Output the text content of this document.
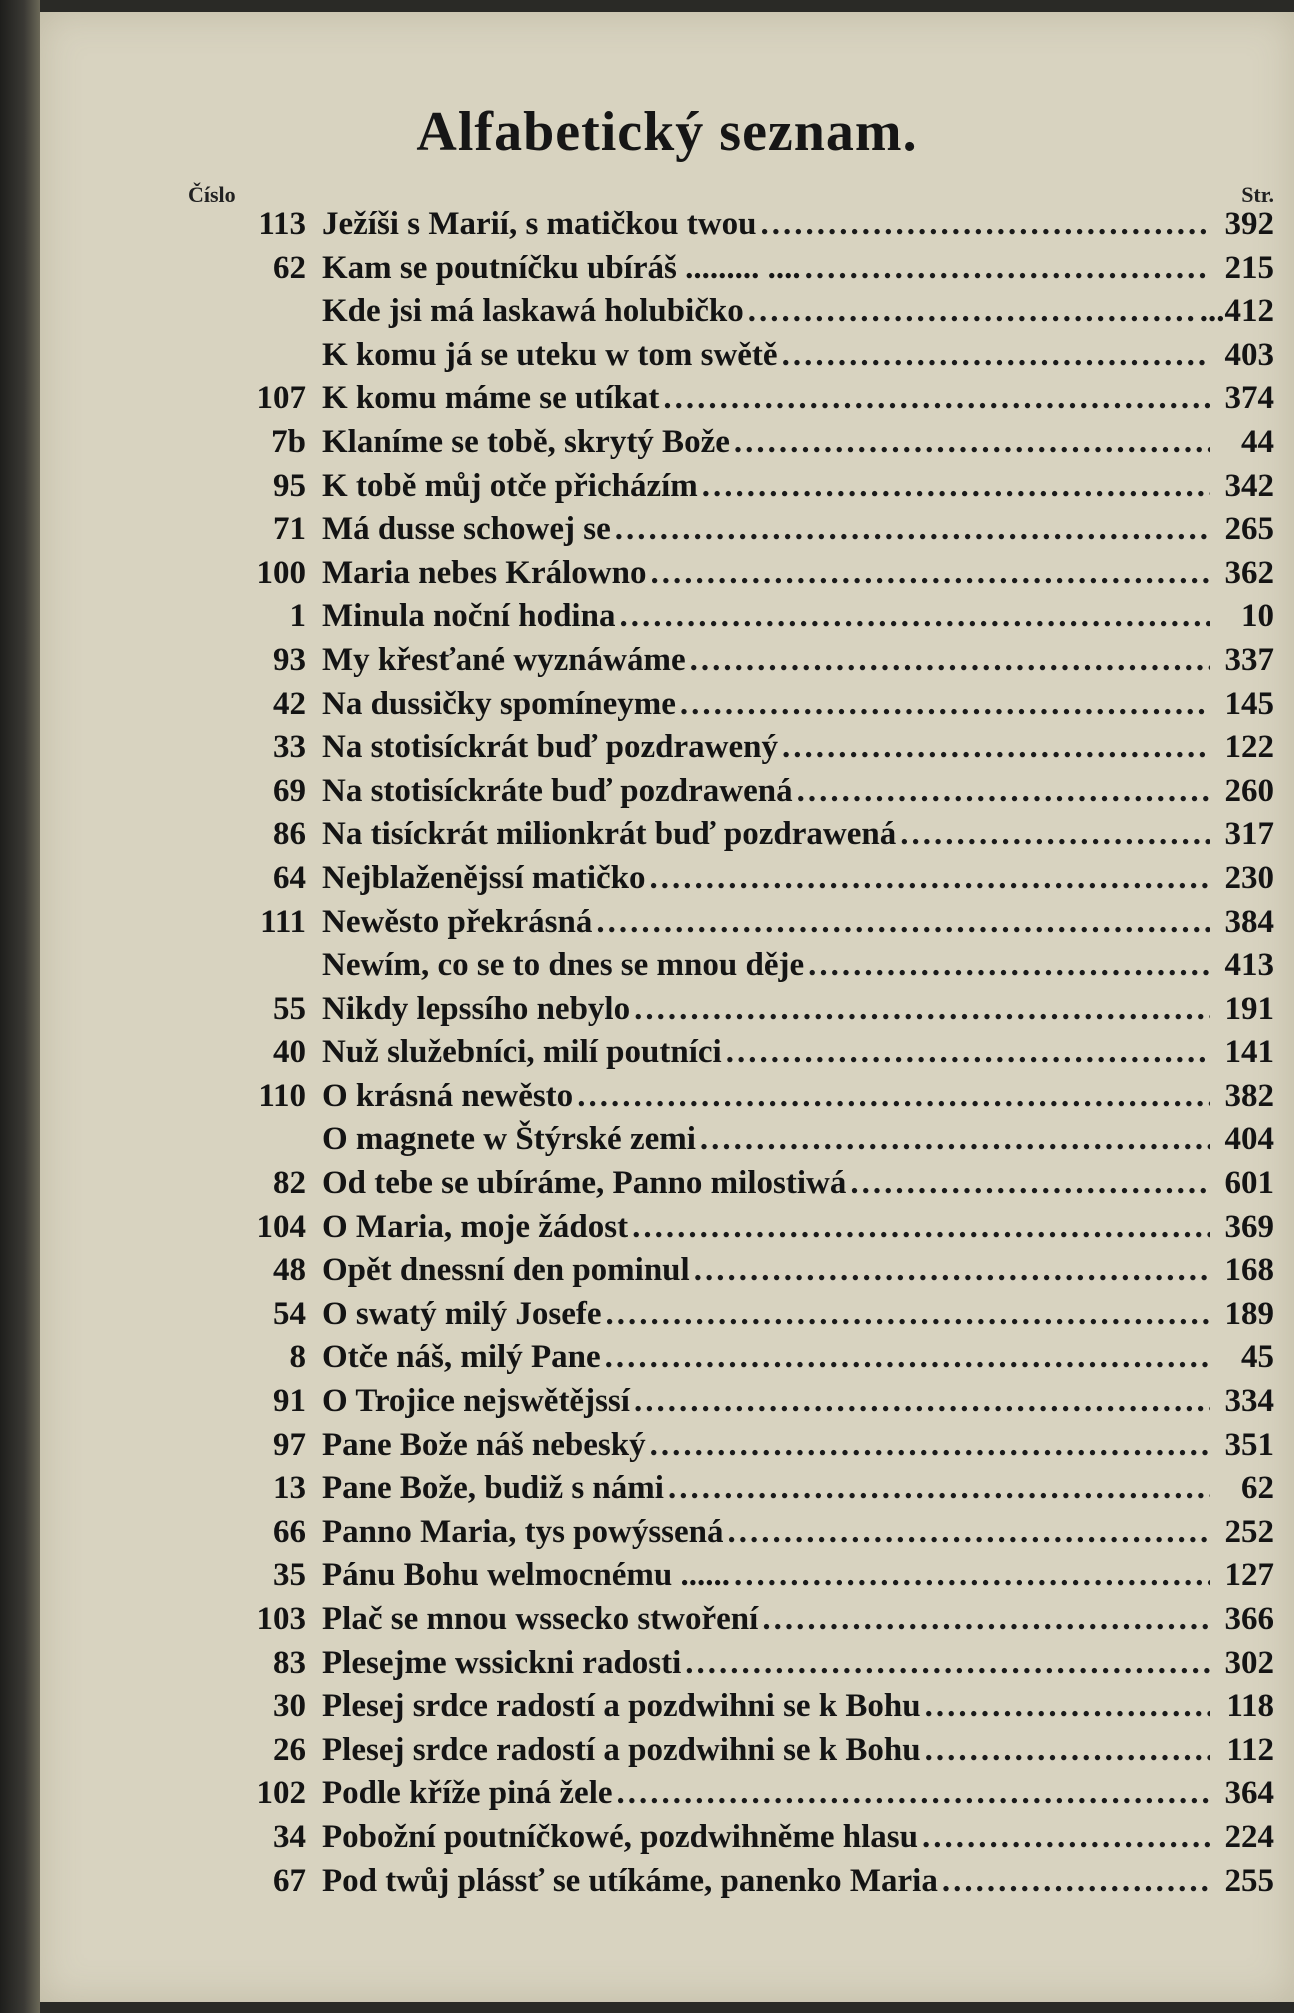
Alfabetický seznam.
Číslo	Str.
113 Ježíši s Marií, s matičkou twou .....	392
62 Kam se poutníčku ubíráš ......... .... .....	215
Kde jsi má laskawá holubičko .....	...412
K komu já se uteku w tom swětě .....	403
107 K komu máme se utíkat .....	374
7b Klaníme se tobě, skrytý Bože .....	44
95 K tobě můj otče přicházím .....	342
71 Má dusse schowej se .....	265
100 Maria nebes Králowno .....	362
1 Minula noční hodina .....	10
93 My křesťané wyznáwáme .....	337
42 Na dussičky spomíneyme .....	145
33 Na stotisíckrát buď pozdrawený .....	122
69 Na stotisíckráte buď pozdrawená .....	260
86 Na tisíckrát milionkrát buď pozdrawená .....	317
64 Nejblaženějssí matičko .....	230
111 Newěsto překrásná .....	384
Newím, co se to dnes se mnou děje .....	413
55 Nikdy lepssího nebylo .....	191
40 Nuž služebníci, milí poutníci .....	141
110 O krásná newěsto .....	382
O magnete w Štýrské zemi .....	404
82 Od tebe se ubíráme, Panno milostiwá .....	601
104 O Maria, moje žádost .....	369
48 Opět dnessní den pominul .....	168
54 O swatý milý Josefe .....	189
8 Otče náš, milý Pane .....	45
91 O Trojice nejswětějssí .....	334
97 Pane Bože náš nebeský .....	351
13 Pane Bože, budiž s námi .....	62
66 Panno Maria, tys powýssená .....	252
35 Pánu Bohu welmocnému ...... .....	127
103 Plač se mnou wssecko stwoření .....	366
83 Plesejme wssickni radosti .....	302
30 Plesej srdce radostí a pozdwihni se k Bohu .....	118
26 Plesej srdce radostí a pozdwihni se k Bohu .....	112
102 Podle kříže piná žele .....	364
34 Pobožní poutníčkowé, pozdwihněme hlasu .....	224
67 Pod twůj plássť se utíkáme, panenko Maria .....	255
